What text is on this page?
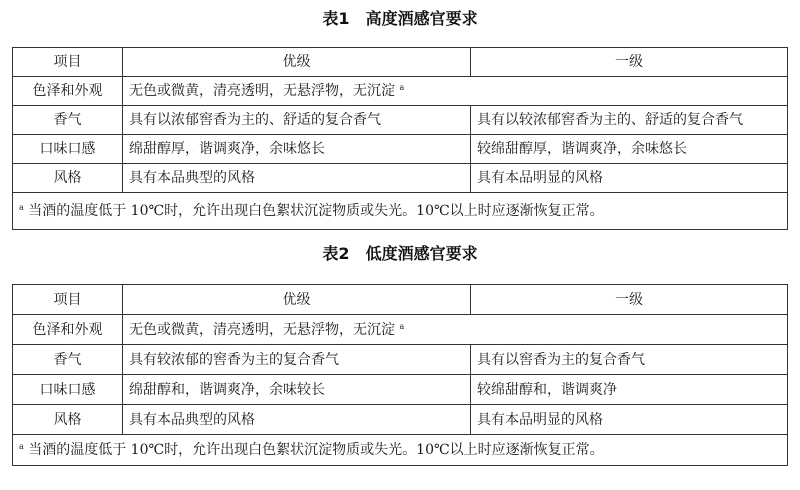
表1 高度酒感官要求
项目	优级	一级
色泽和外观	无色或微黄，清亮透明，无悬浮物，无沉淀 $^a$
香气	具有以浓郁窖香为主的、舒适的复合香气	具有以较浓郁窖香为主的、舒适的复合香气
口味口感	绵甜醇厚，谐调爽净，余味悠长	较绵甜醇厚，谐调爽净，余味悠长
风格	具有本品典型的风格	具有本品明显的风格
$^a$ 当酒的温度低于 10℃时，允许出现白色絮状沉淀物质或失光。10℃以上时应逐渐恢复正常。		
表2 低度酒感官要求
项目	优级	一级
色泽和外观	无色或微黄，清亮透明，无悬浮物，无沉淀 $^a$
香气	具有较浓郁的窖香为主的复合香气	具有以窖香为主的复合香气
口味口感	绵甜醇和，谐调爽净，余味较长	较绵甜醇和，谐调爽净
风格	具有本品典型的风格	具有本品明显的风格
$^a$ 当酒的温度低于 10℃时，允许出现白色絮状沉淀物质或失光。10℃以上时应逐渐恢复正常。		
